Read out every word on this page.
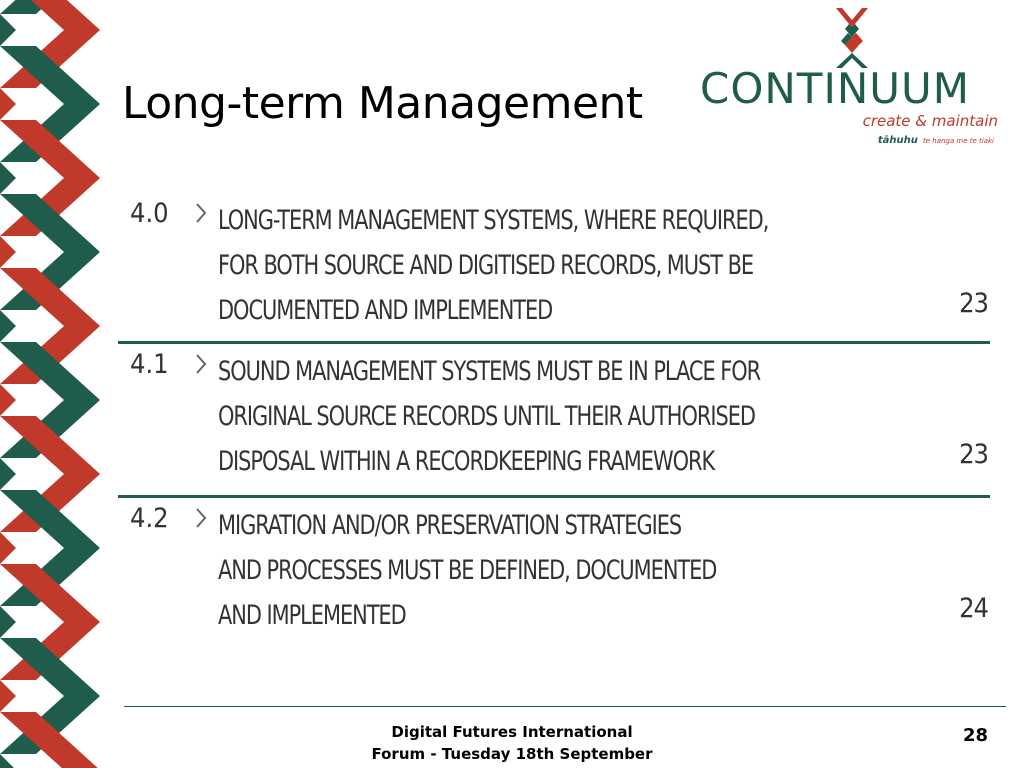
Long-term Management CONTINUUM
create & maintain
tāhuhu te hanga me te tiaki
4.0 LONG-TERM MANAGEMENT SYSTEMS, WHERE REQUIRED,
FOR BOTH SOURCE AND DIGITISED RECORDS, MUST BE
DOCUMENTED AND IMPLEMENTED	23
4.1 SOUND MANAGEMENT SYSTEMS MUST BE IN PLACE FOR
ORIGINAL SOURCE RECORDS UNTIL THEIR AUTHORISED
DISPOSAL WITHIN A RECORDKEEPING FRAMEWORK	23
4.2 MIGRATION AND/OR PRESERVATION STRATEGIES
AND PROCESSES MUST BE DEFINED, DOCUMENTED
AND IMPLEMENTED	24
Digital Futures International
Forum - Tuesday 18th September
28
